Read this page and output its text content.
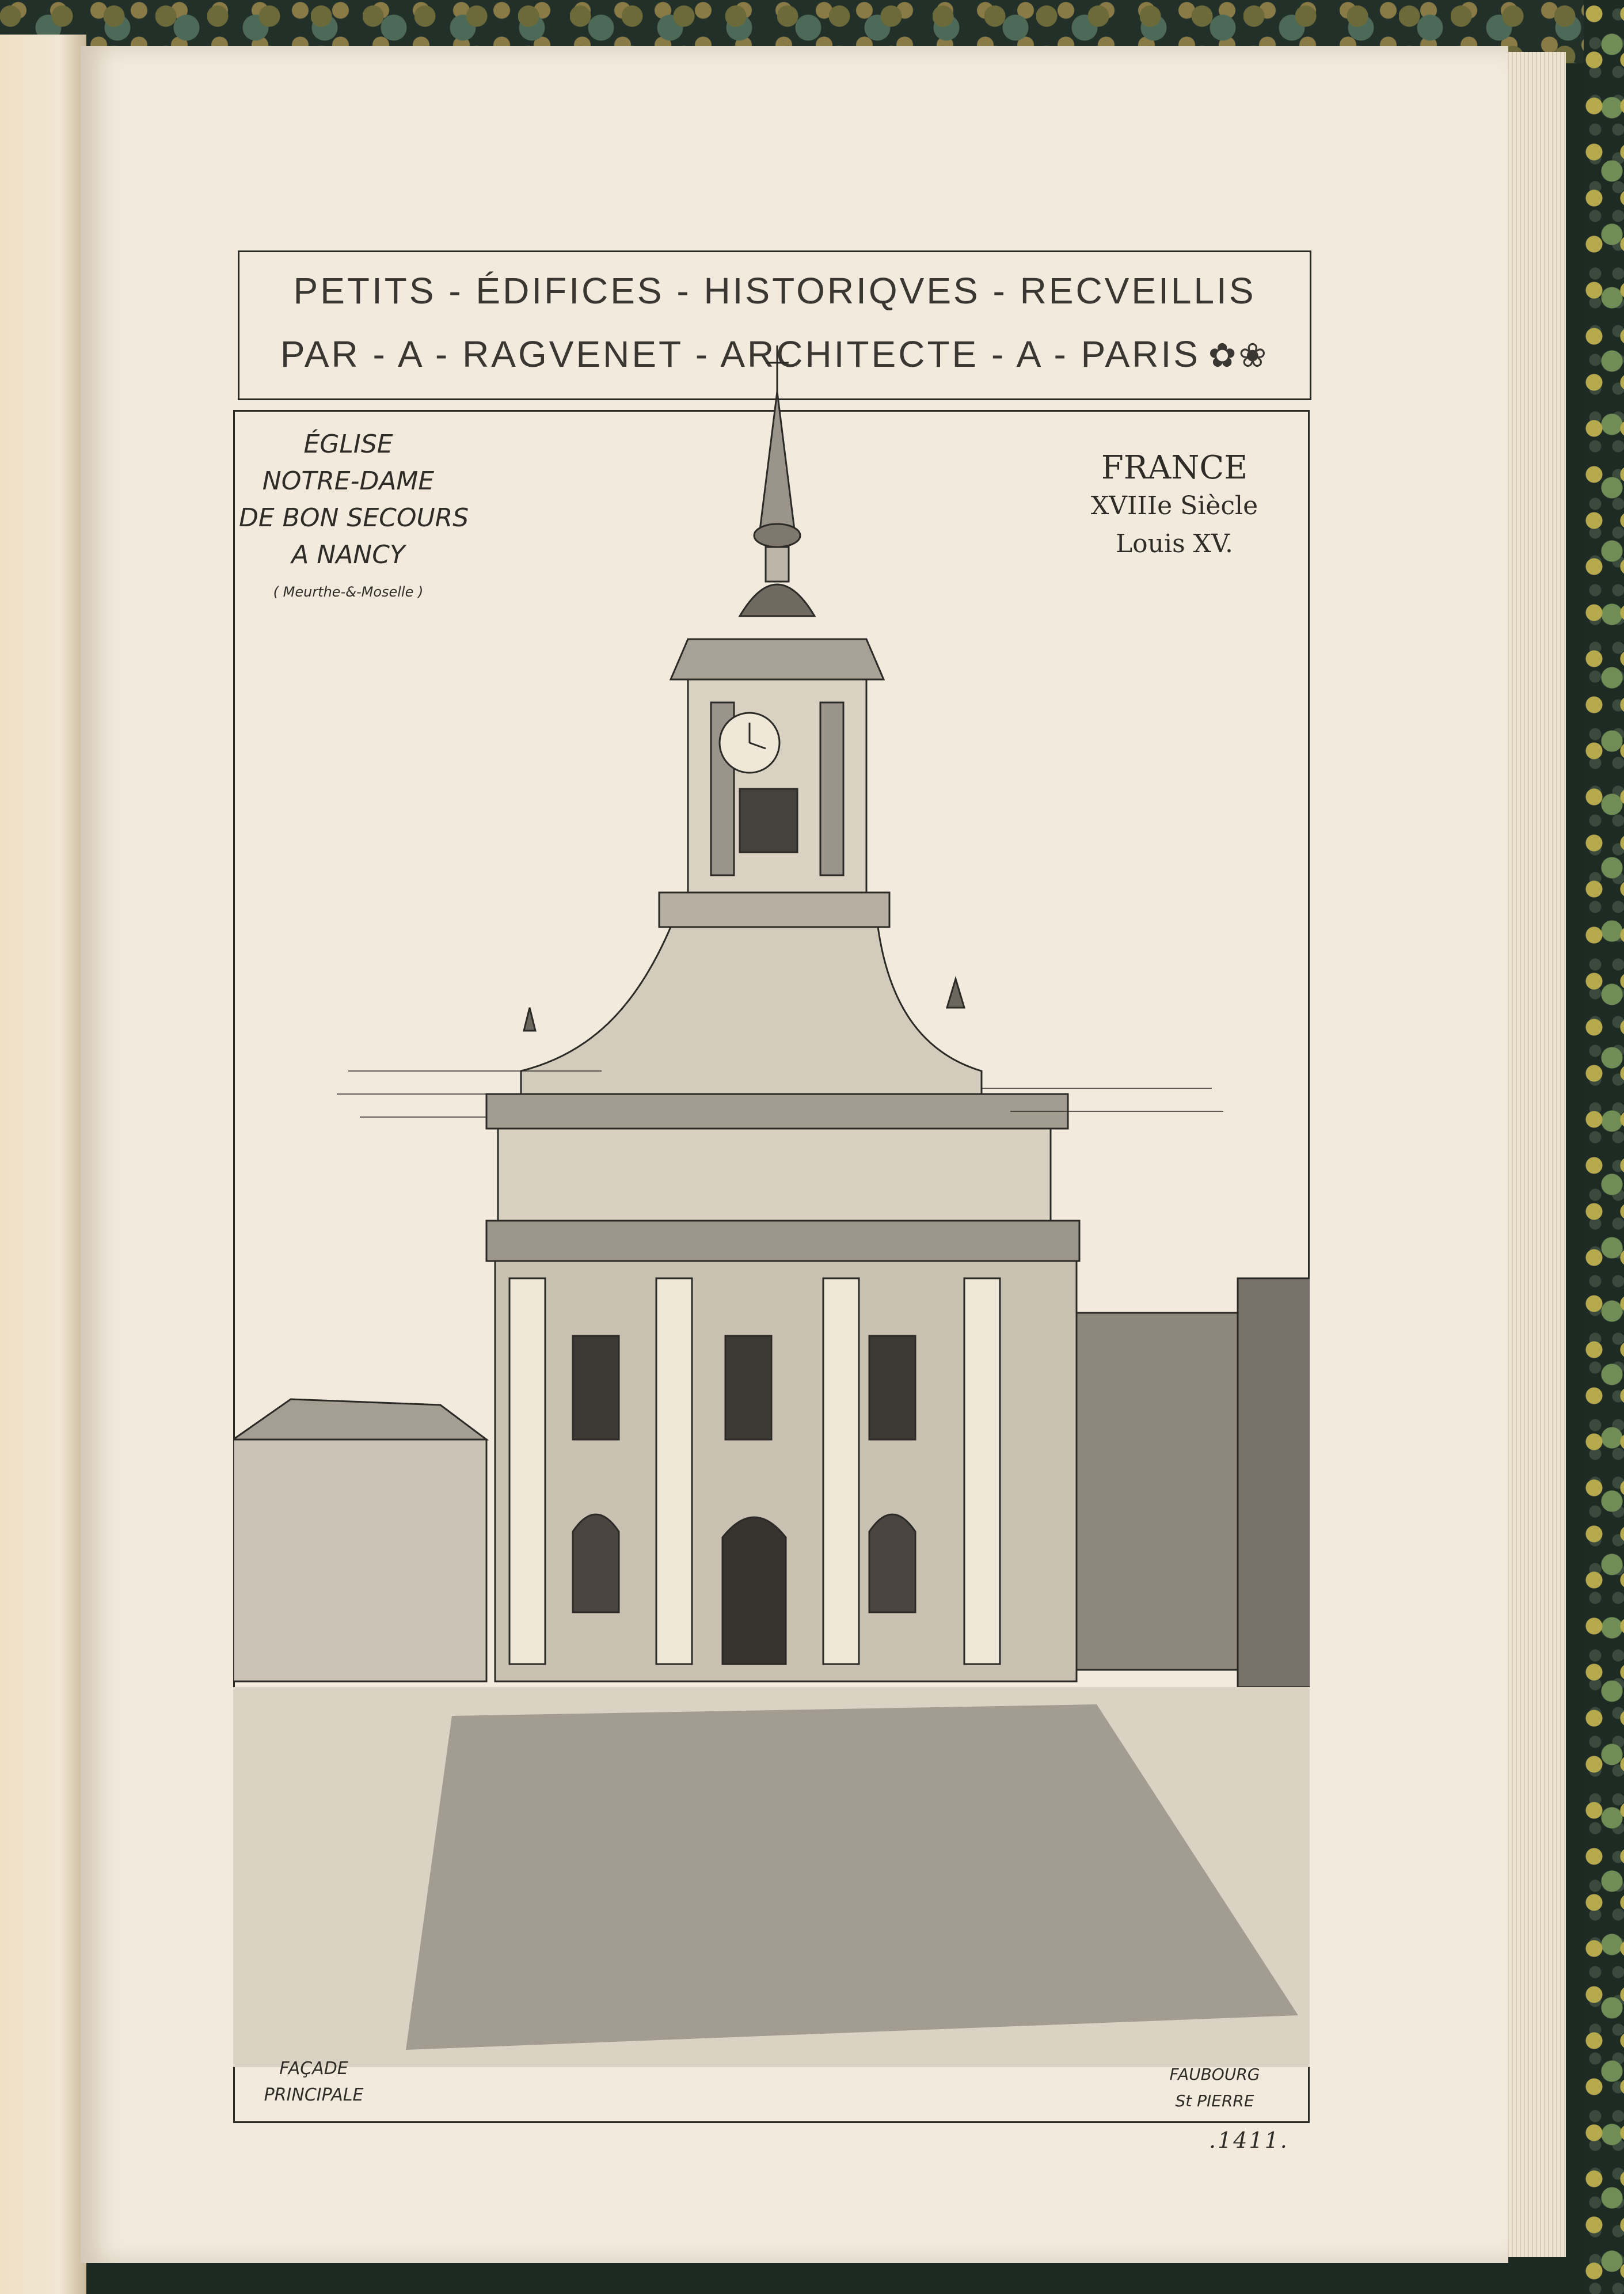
PETITS - ÉDIFICES - HISTORIQVES - RECVEILLIS
PAR - A - RAGVENET - ARCHITECTE - A - PARIS ✿❀
ÉGLISE
NOTRE-DAME
DE BON SECOURS
A NANCY
( Meurthe-&-Moselle )
FRANCE
XVIIIe Siècle
Louis XV.
FAÇADE
PRINCIPALE
FAUBOURG
St PIERRE
.1411.
